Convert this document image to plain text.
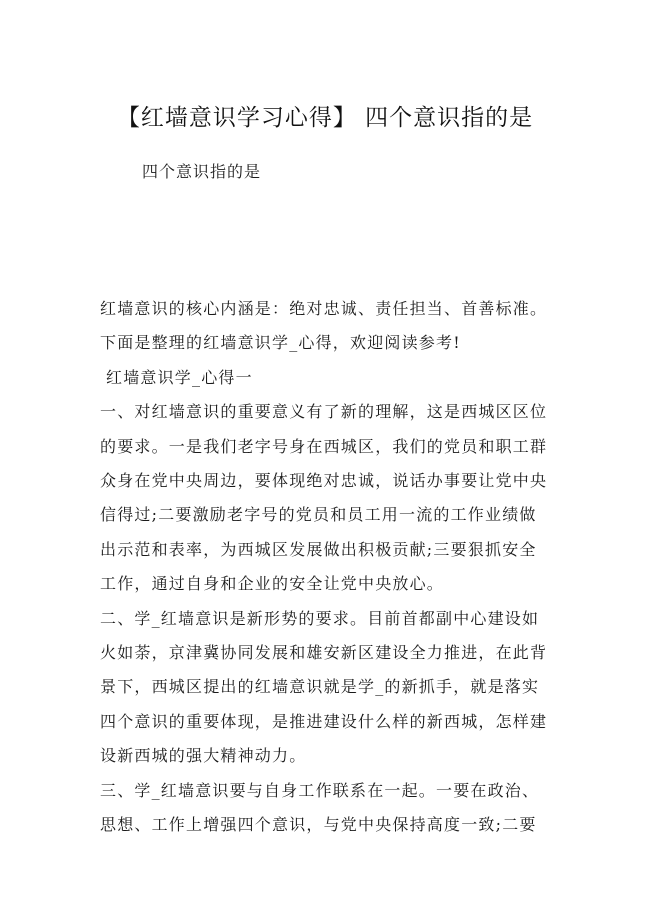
【红墙意识学习心得】 四个意识指的是
四个意识指的是

红墙意识的核心内涵是：绝对忠诚、责任担当、首善标准。

下面是整理的红墙意识学_心得，欢迎阅读参考!

红墙意识学_心得一

一、对红墙意识的重要意义有了新的理解，这是西城区区位

的要求。一是我们老字号身在西城区，我们的党员和职工群

众身在党中央周边，要体现绝对忠诚，说话办事要让党中央

信得过;二要激励老字号的党员和员工用一流的工作业绩做

出示范和表率，为西城区发展做出积极贡献;三要狠抓安全

工作，通过自身和企业的安全让党中央放心。

二、学_红墙意识是新形势的要求。目前首都副中心建设如

火如荼，京津冀协同发展和雄安新区建设全力推进，在此背

景下，西城区提出的红墙意识就是学_的新抓手，就是落实

四个意识的重要体现，是推进建设什么样的新西城，怎样建

设新西城的强大精神动力。

三、学_红墙意识要与自身工作联系在一起。一要在政治、

思想、工作上增强四个意识，与党中央保持高度一致;二要
